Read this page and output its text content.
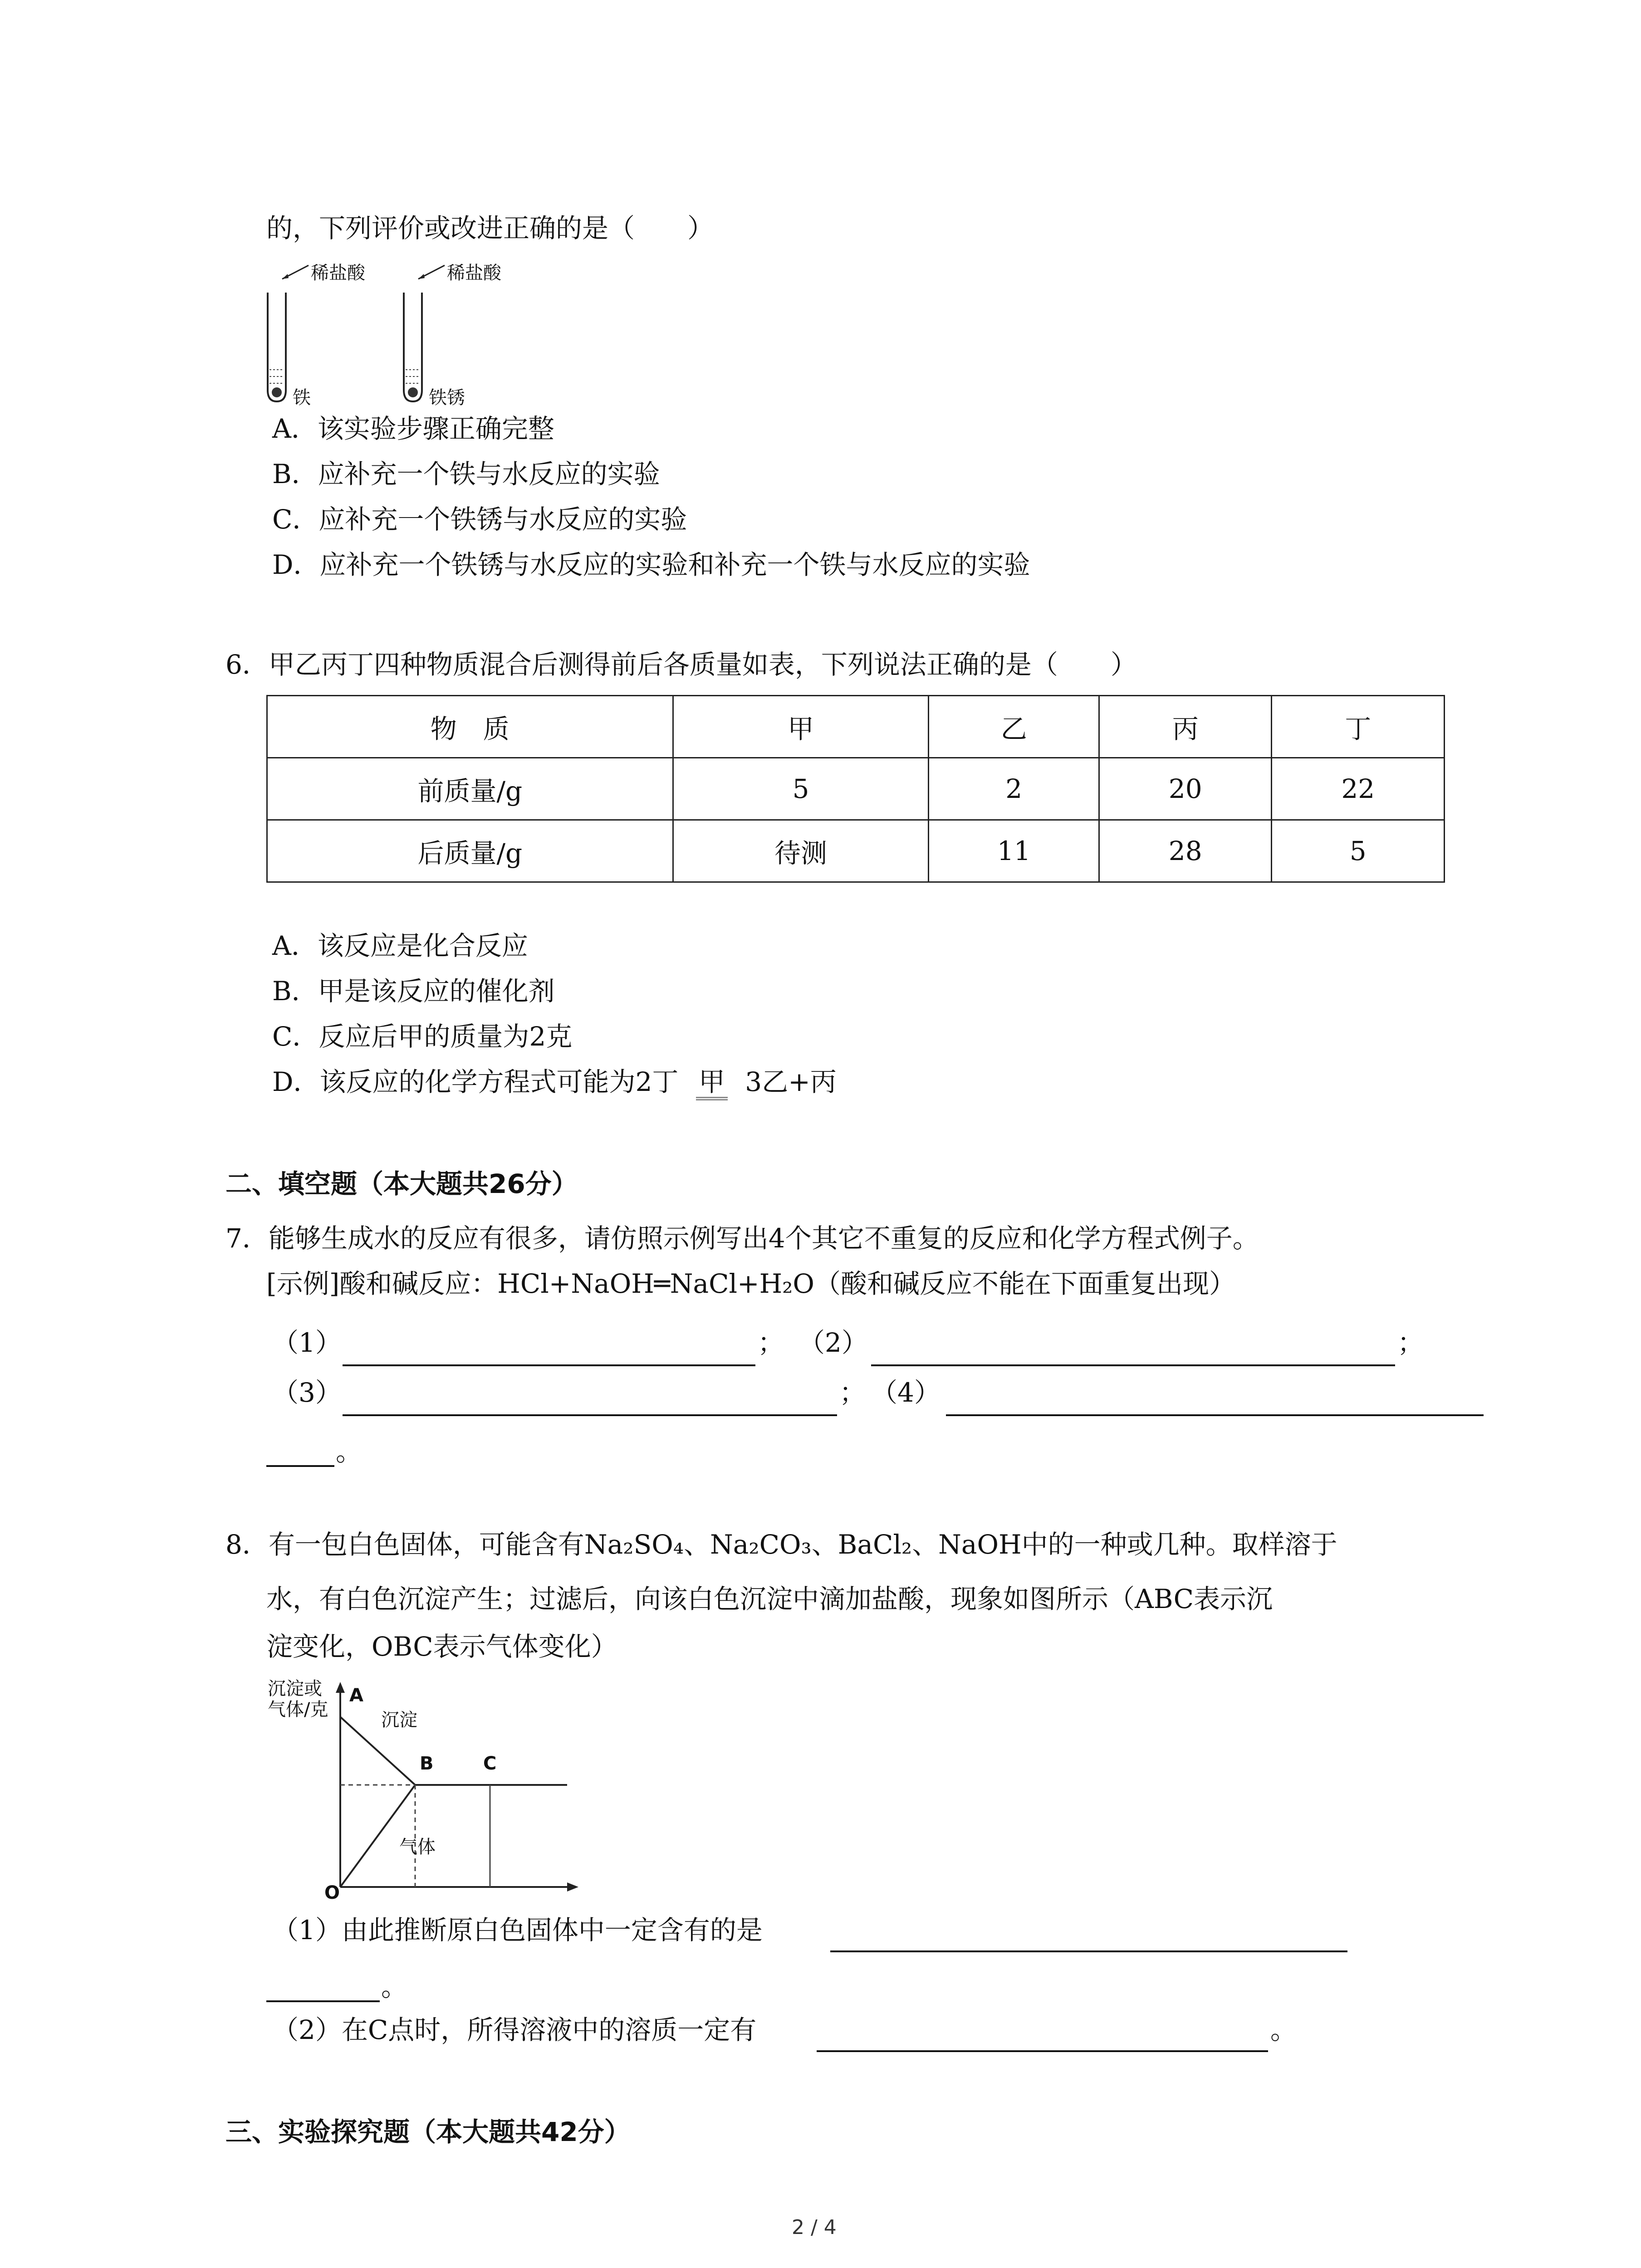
的，下列评价或改进正确的是（　　）
稀盐酸	稀盐酸
铁	铁锈
A．该实验步骤正确完整
B．应补充一个铁与水反应的实验
C．应补充一个铁锈与水反应的实验
D．应补充一个铁锈与水反应的实验和补充一个铁与水反应的实验
6．甲乙丙丁四种物质混合后测得前后各质量如表，下列说法正确的是（　　）
物　质	甲	乙	丙	丁
前质量/g	5	2	20	22
后质量/g	待测	11	28	5
A．该反应是化合反应
B．甲是该反应的催化剂
C．反应后甲的质量为2克
D．该反应的化学方程式可能为2丁 甲 3乙+丙
二、填空题（本大题共26分）
7．能够生成水的反应有很多，请仿照示例写出4个其它不重复的反应和化学方程式例子。
[示例]酸和碱反应：HCl+NaOH═NaCl+H₂O（酸和碱反应不能在下面重复出现）
（1）	； （2）	；
（3）	； （4）
。
8．有一包白色固体，可能含有Na₂SO₄、Na₂CO₃、BaCl₂、NaOH中的一种或几种。取样溶于
水，有白色沉淀产生；过滤后，向该白色沉淀中滴加盐酸，现象如图所示（ABC表示沉
淀变化，OBC表示气体变化）
沉淀或
气体/克
A
沉淀
B	C
气体
O
（1）由此推断原白色固体中一定含有的是
。
（2）在C点时，所得溶液中的溶质一定有	。
三、实验探究题（本大题共42分）
2 / 4
